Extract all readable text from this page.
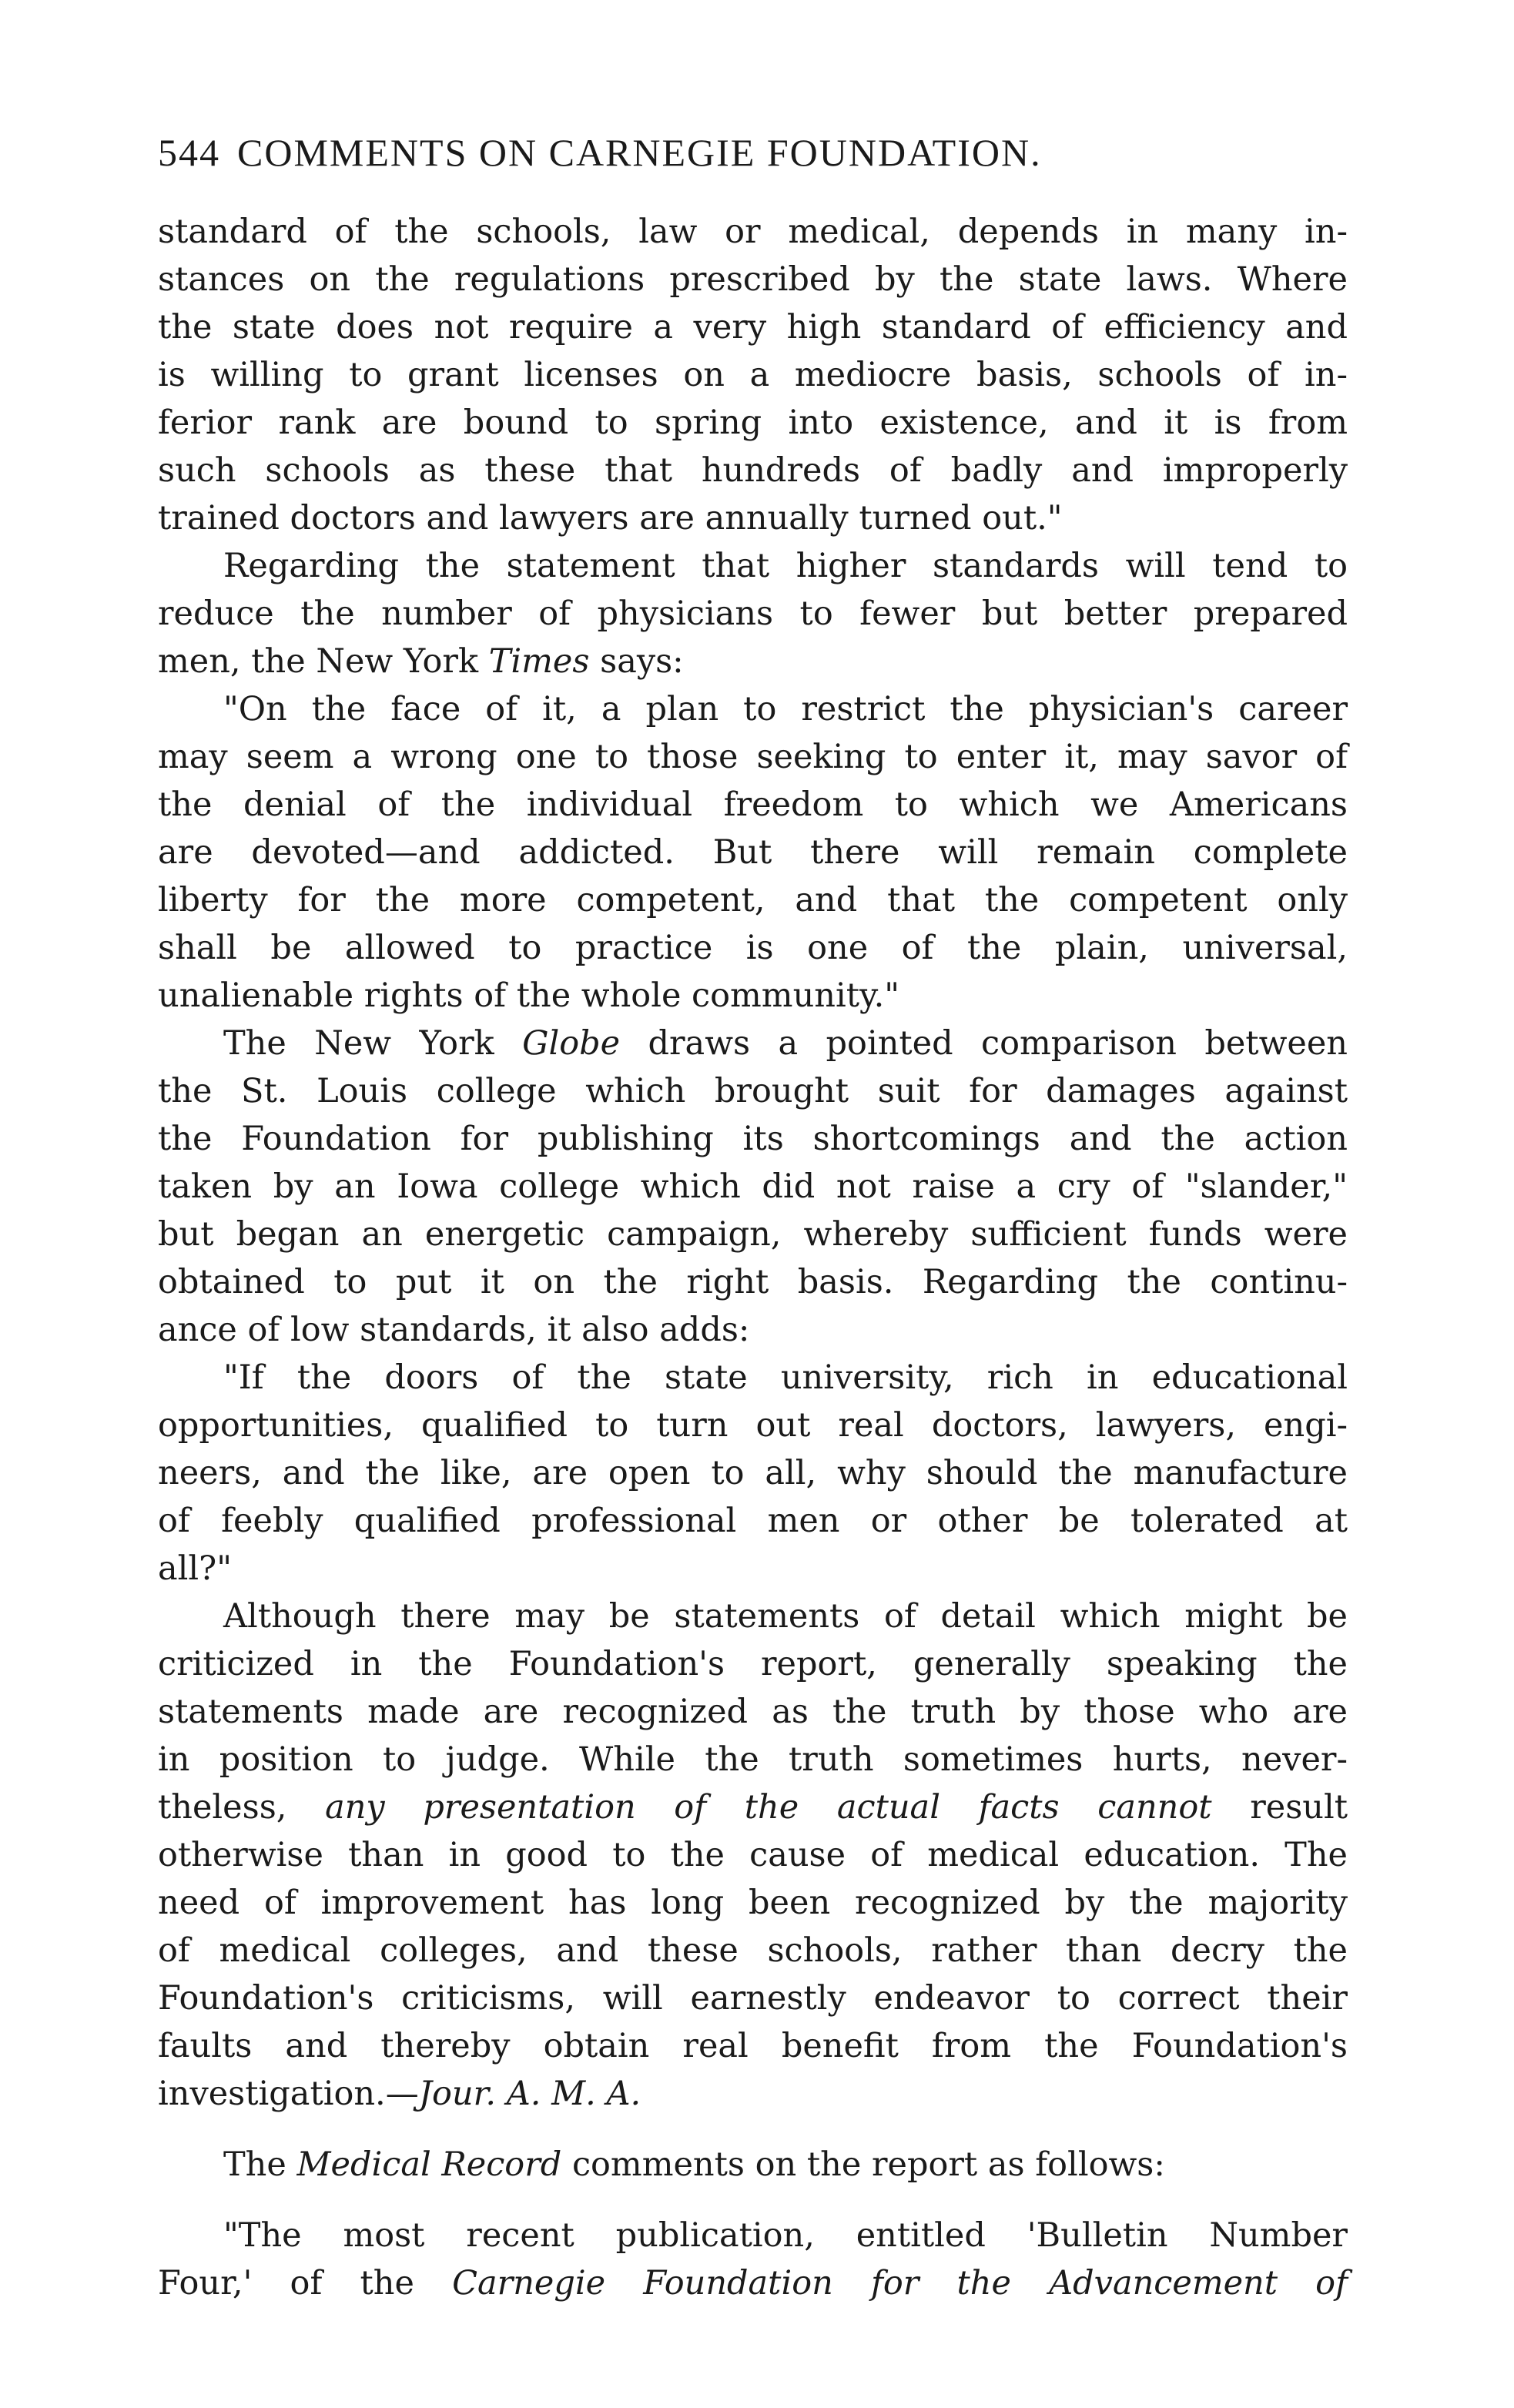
544 COMMENTS ON CARNEGIE FOUNDATION.
standard of the schools, law or medical, depends in many in-
stances on the regulations prescribed by the state laws. Where
the state does not require a very high standard of efficiency and
is willing to grant licenses on a mediocre basis, schools of in-
ferior rank are bound to spring into existence, and it is from
such schools as these that hundreds of badly and improperly
trained doctors and lawyers are annually turned out."
Regarding the statement that higher standards will tend to
reduce the number of physicians to fewer but better prepared
men, the New York Times says:
"On the face of it, a plan to restrict the physician's career
may seem a wrong one to those seeking to enter it, may savor of
the denial of the individual freedom to which we Americans
are devoted—and addicted. But there will remain complete
liberty for the more competent, and that the competent only
shall be allowed to practice is one of the plain, universal,
unalienable rights of the whole community."
The New York Globe draws a pointed comparison between
the St. Louis college which brought suit for damages against
the Foundation for publishing its shortcomings and the action
taken by an Iowa college which did not raise a cry of "slander,"
but began an energetic campaign, whereby sufficient funds were
obtained to put it on the right basis. Regarding the continu-
ance of low standards, it also adds:
"If the doors of the state university, rich in educational
opportunities, qualified to turn out real doctors, lawyers, engi-
neers, and the like, are open to all, why should the manufacture
of feebly qualified professional men or other be tolerated at
all?"
Although there may be statements of detail which might be
criticized in the Foundation's report, generally speaking the
statements made are recognized as the truth by those who are
in position to judge. While the truth sometimes hurts, never-
theless, any presentation of the actual facts cannot result
otherwise than in good to the cause of medical education. The
need of improvement has long been recognized by the majority
of medical colleges, and these schools, rather than decry the
Foundation's criticisms, will earnestly endeavor to correct their
faults and thereby obtain real benefit from the Foundation's
investigation.—Jour. A. M. A.
The Medical Record comments on the report as follows:
"The most recent publication, entitled 'Bulletin Number
Four,' of the Carnegie Foundation for the Advancement of
